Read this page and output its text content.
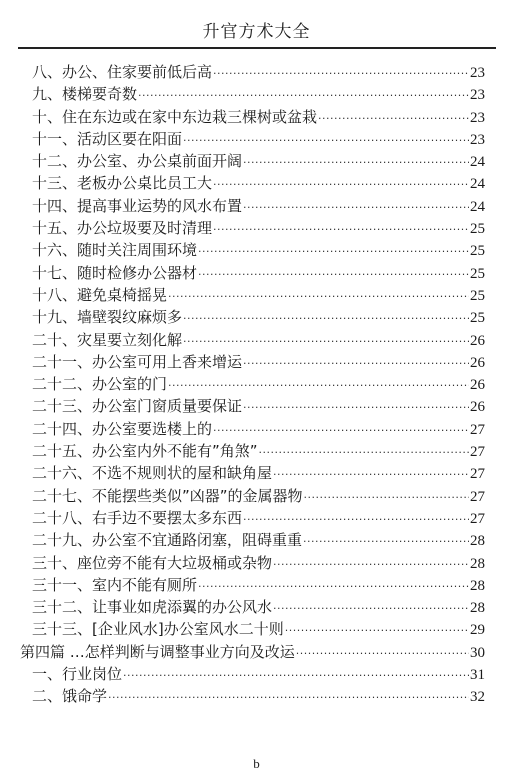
升官方术大全
八、办公、住家要前低后高 ·····	23
九、楼梯要奇数 ·····	23
十、住在东边或在家中东边栽三棵树或盆栽 ·····	23
十一、活动区要在阳面 ·····	23
十二、办公室、办公桌前面开阔 ·····	24
十三、老板办公桌比员工大 ·····	24
十四、提高事业运势的风水布置 ·····	24
十五、办公垃圾要及时清理 ·····	25
十六、随时关注周围环境 ·····	25
十七、随时检修办公器材 ·····	25
十八、避免桌椅摇晃 ·····	25
十九、墙壁裂纹麻烦多 ·····	25
二十、灾星要立刻化解 ·····	26
二十一、办公室可用上香来增运 ·····	26
二十二、办公室的门 ·····	26
二十三、办公室门窗质量要保证 ·····	26
二十四、办公室要选楼上的 ·····	27
二十五、办公室内外不能有”角煞” ·····	27
二十六、不选不规则状的屋和缺角屋 ·····	27
二十七、不能摆些类似”凶器”的金属器物 ·····	27
二十八、右手边不要摆太多东西 ·····	27
二十九、办公室不宜通路闭塞，阻碍重重 ·····	28
三十、座位旁不能有大垃圾桶或杂物 ·····	28
三十一、室内不能有厕所 ·····	28
三十二、让事业如虎添翼的办公风水 ·····	28
三十三、[企业风水]办公室风水二十则 ·····	29
第四篇 …怎样判断与调整事业方向及改运 ·····	30
一、行业岗位 ·····	31
二、饿命学 ·····	32
b
